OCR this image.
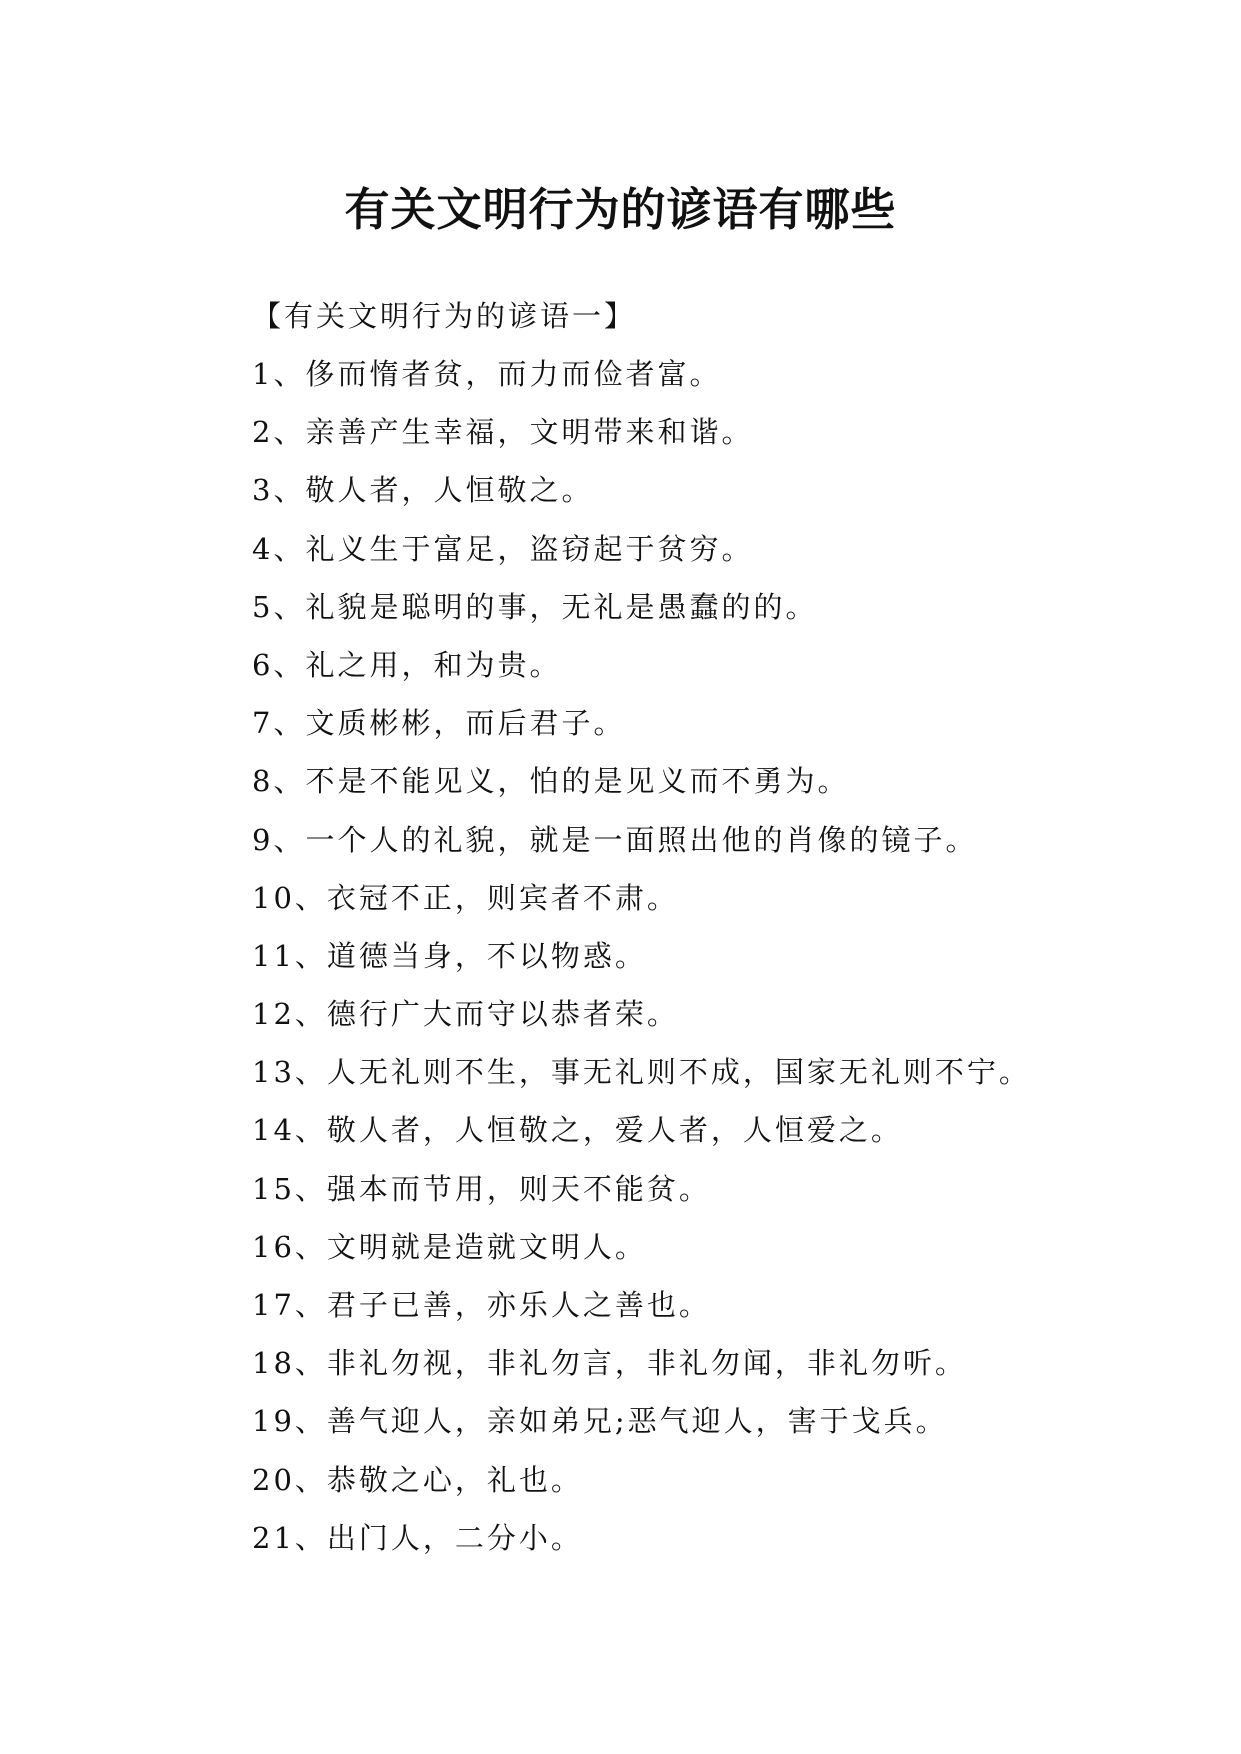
有关文明行为的谚语有哪些
【有关文明行为的谚语一】
1、侈而惰者贫，而力而俭者富。
2、亲善产生幸福，文明带来和谐。
3、敬人者，人恒敬之。
4、礼义生于富足，盗窃起于贫穷。
5、礼貌是聪明的事，无礼是愚蠢的的。
6、礼之用，和为贵。
7、文质彬彬，而后君子。
8、不是不能见义，怕的是见义而不勇为。
9、一个人的礼貌，就是一面照出他的肖像的镜子。
10、衣冠不正，则宾者不肃。
11、道德当身，不以物惑。
12、德行广大而守以恭者荣。
13、人无礼则不生，事无礼则不成，国家无礼则不宁。
14、敬人者，人恒敬之，爱人者，人恒爱之。
15、强本而节用，则天不能贫。
16、文明就是造就文明人。
17、君子已善，亦乐人之善也。
18、非礼勿视，非礼勿言，非礼勿闻，非礼勿听。
19、善气迎人，亲如弟兄;恶气迎人，害于戈兵。
20、恭敬之心，礼也。
21、出门人，二分小。
